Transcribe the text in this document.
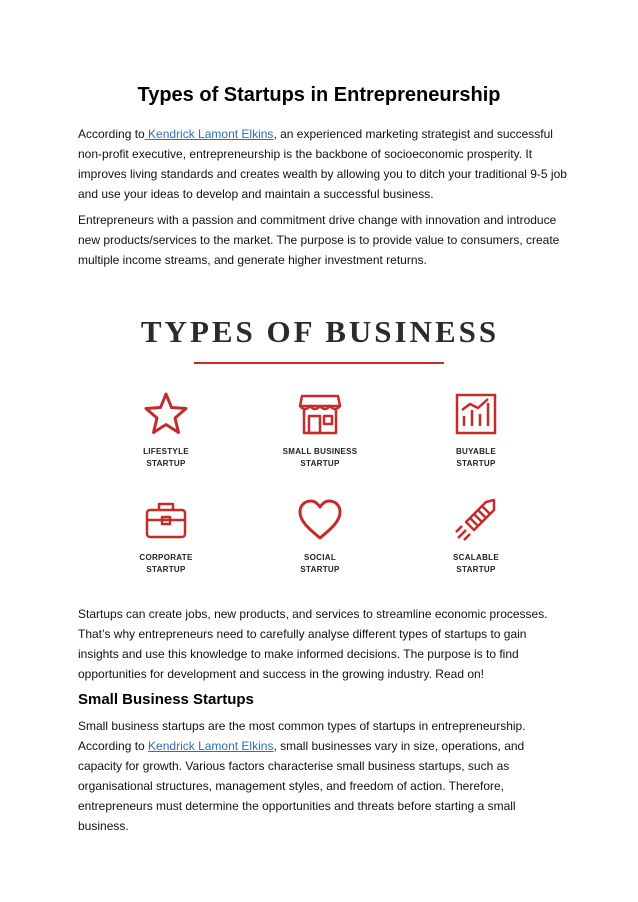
Types of Startups in Entrepreneurship

According to Kendrick Lamont Elkins, an experienced marketing strategist and successful non-profit executive, entrepreneurship is the backbone of socioeconomic prosperity. It improves living standards and creates wealth by allowing you to ditch your traditional 9-5 job and use your ideas to develop and maintain a successful business.

Entrepreneurs with a passion and commitment drive change with innovation and introduce new products/services to the market. The purpose is to provide value to consumers, create multiple income streams, and generate higher investment returns.

TYPES OF BUSINESS
LIFESTYLE
STARTUP
SMALL BUSINESS
STARTUP
BUYABLE
STARTUP
CORPORATE
STARTUP
SOCIAL
STARTUP
SCALABLE
STARTUP

Startups can create jobs, new products, and services to streamline economic processes. That’s why entrepreneurs need to carefully analyse different types of startups to gain insights and use this knowledge to make informed decisions. The purpose is to find opportunities for development and success in the growing industry. Read on!

Small Business Startups

Small business startups are the most common types of startups in entrepreneurship. According to Kendrick Lamont Elkins, small businesses vary in size, operations, and capacity for growth. Various factors characterise small business startups, such as organisational structures, management styles, and freedom of action. Therefore, entrepreneurs must determine the opportunities and threats before starting a small business.
